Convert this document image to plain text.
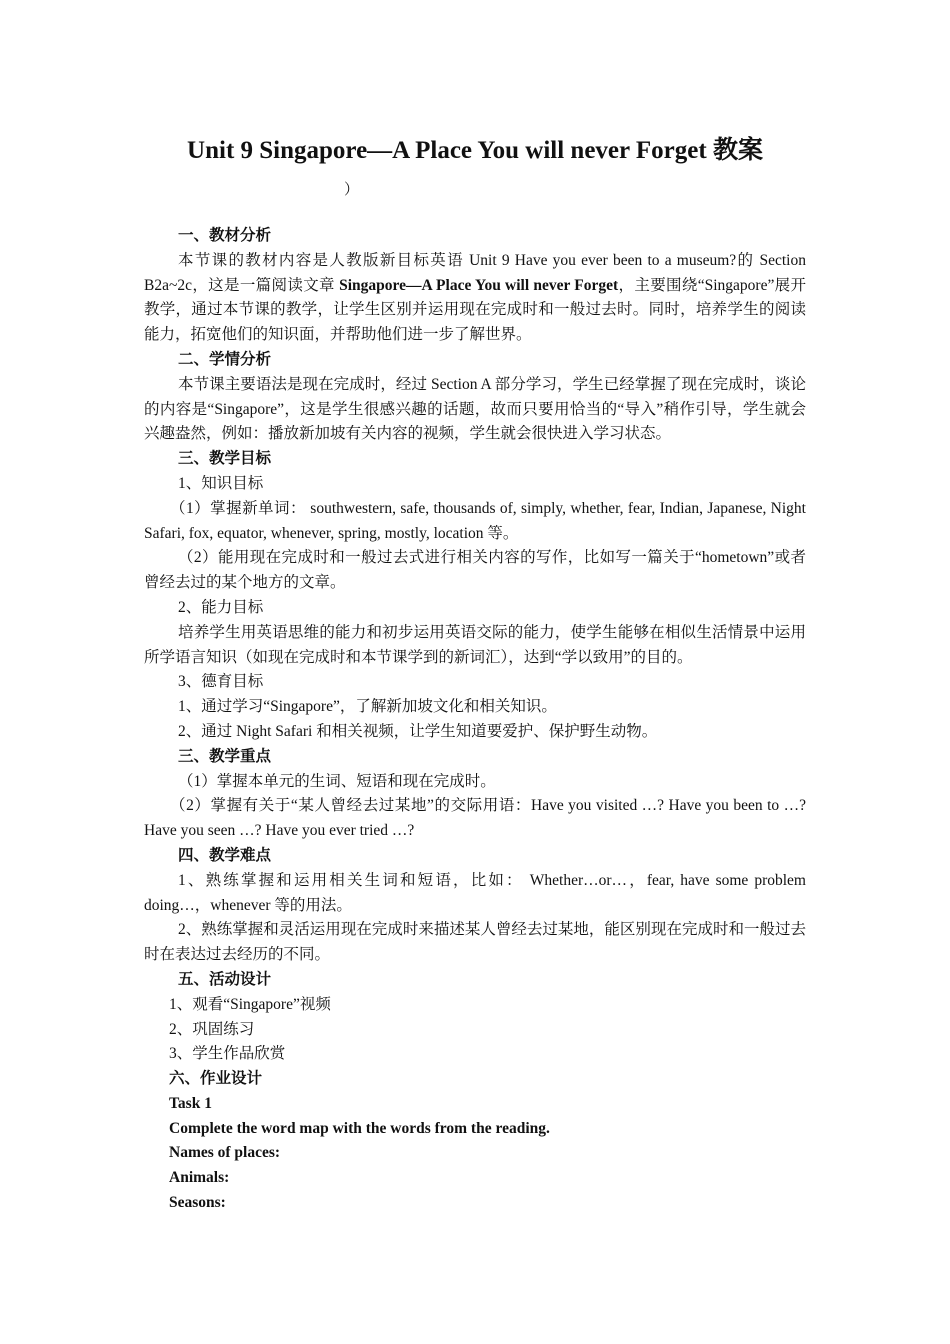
Unit 9 Singapore—A Place You will never Forget 教案
）

一、教材分析

本节课的教材内容是人教版新目标英语 Unit 9 Have you ever been to a museum?的 Section B2a~2c，这是一篇阅读文章 Singapore—A Place You will never Forget，主要围绕“Singapore”展开教学，通过本节课的教学，让学生区别并运用现在完成时和一般过去时。同时，培养学生的阅读能力，拓宽他们的知识面，并帮助他们进一步了解世界。

二、学情分析

本节课主要语法是现在完成时，经过 Section A 部分学习，学生已经掌握了现在完成时，谈论的内容是“Singapore”，这是学生很感兴趣的话题，故而只要用恰当的“导入”稍作引导，学生就会兴趣盎然，例如：播放新加坡有关内容的视频，学生就会很快进入学习状态。

三、教学目标

1、知识目标

（1）掌握新单词： southwestern, safe, thousands of, simply, whether, fear, Indian, Japanese, Night Safari, fox, equator, whenever, spring, mostly, location 等。

（2）能用现在完成时和一般过去式进行相关内容的写作，比如写一篇关于“hometown”或者曾经去过的某个地方的文章。

2、能力目标

培养学生用英语思维的能力和初步运用英语交际的能力，使学生能够在相似生活情景中运用所学语言知识（如现在完成时和本节课学到的新词汇），达到“学以致用”的目的。

3、德育目标

1、通过学习“Singapore”，了解新加坡文化和相关知识。

2、通过 Night Safari 和相关视频，让学生知道要爱护、保护野生动物。

三、教学重点

（1）掌握本单元的生词、短语和现在完成时。

（2）掌握有关于“某人曾经去过某地”的交际用语：Have you visited …? Have you been to …? Have you seen …? Have you ever tried …?

四、教学难点

1、熟练掌握和运用相关生词和短语，比如： Whether…or…，fear, have some problem doing…，whenever 等的用法。

2、熟练掌握和灵活运用现在完成时来描述某人曾经去过某地，能区别现在完成时和一般过去时在表达过去经历的不同。

五、活动设计

1、观看“Singapore”视频

2、巩固练习

3、学生作品欣赏

六、作业设计

Task 1

Complete the word map with the words from the reading.

Names of places:

Animals:

Seasons:
